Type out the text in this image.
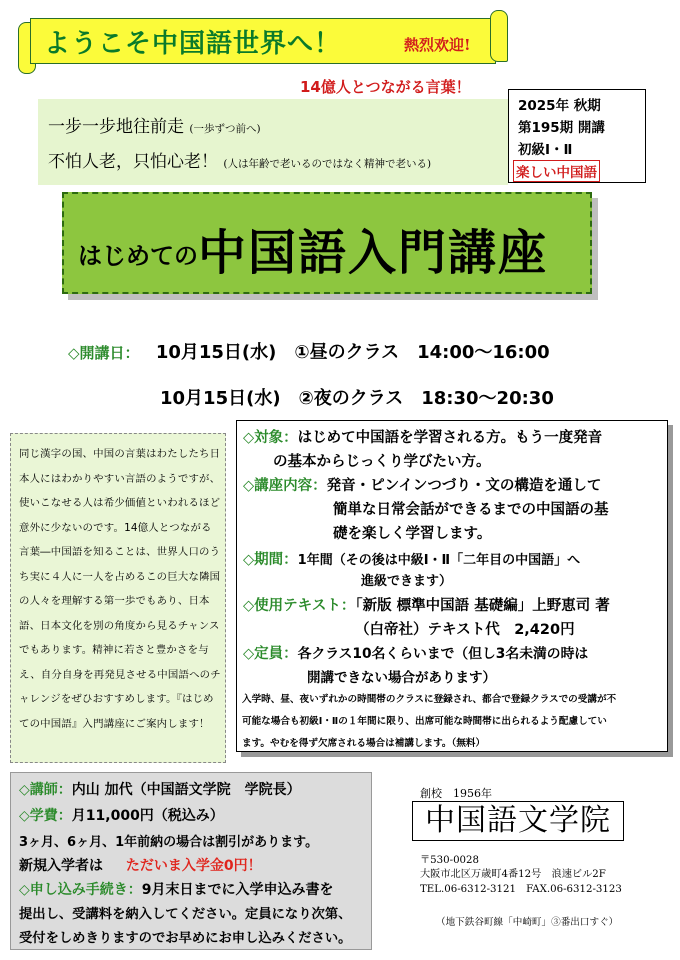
ようこそ中国語世界へ！	熱烈欢迎!
14億人とつながる言葉！
一步一步地往前走 (一歩ずつ前へ)
不怕人老，只怕心老！ (人は年齢で老いるのではなく精神で老いる)
2025年 秋期
第195期 開講
初級Ⅰ・Ⅱ
楽しい中国語
はじめての 中国語入門講座
◇開講日： 10月15日(水)　①昼のクラス　14:00〜16:00
10月15日(水)　②夜のクラス　18:30〜20:30
同じ漢字の国、中国の言葉はわたしたち日本人にはわかりやすい言語のようですが、使いこなせる人は希少価値といわれるほど意外に少ないのです。14億人とつながる言葉―中国語を知ることは、世界人口のうち実に４人に一人を占めるこの巨大な隣国の人々を理解する第一歩でもあり、日本語、日本文化を別の角度から見るチャンスでもあります。精神に若さと豊かさを与え、自分自身を再発見させる中国語へのチャレンジをぜひおすすめします。『はじめての中国語』入門講座にご案内します！
◇対象：はじめて中国語を学習される方。もう一度発音
の基本からじっくり学びたい方。
◇講座内容：発音・ピンインつづり・文の構造を通して
簡単な日常会話ができるまでの中国語の基
礎を楽しく学習します。
◇期間：1年間（その後は中級Ⅰ・Ⅱ「二年目の中国語」へ
進級できます）
◇使用テキスト：「新版 標準中国語 基礎編」上野恵司 著
（白帝社）テキスト代　2,420円
◇定員：各クラス10名くらいまで（但し3名未満の時は
開講できない場合があります）
入学時、昼、夜いずれかの時間帯のクラスに登録され、都合で登録クラスでの受講が不
可能な場合も初級Ⅰ・Ⅱの１年間に限り、出席可能な時間帯に出られるよう配慮してい
ます。やむを得ず欠席される場合は補講します。（無料）
◇講師：内山 加代（中国語文学院　学院長）
◇学費：月11,000円（税込み）
3ヶ月、6ヶ月、1年前納の場合は割引があります。
新規入学者は ただいま入学金0円！
◇申し込み手続き：9月末日までに入学申込み書を
提出し、受講料を納入してください。定員になり次第、
受付をしめきりますのでお早めにお申し込みください。
創校　1956年
中国語文学院
〒530-0028
大阪市北区万歳町4番12号　浪速ビル2F
TEL.06-6312-3121　FAX.06-6312-3123
（地下鉄谷町線「中崎町」③番出口すぐ）
